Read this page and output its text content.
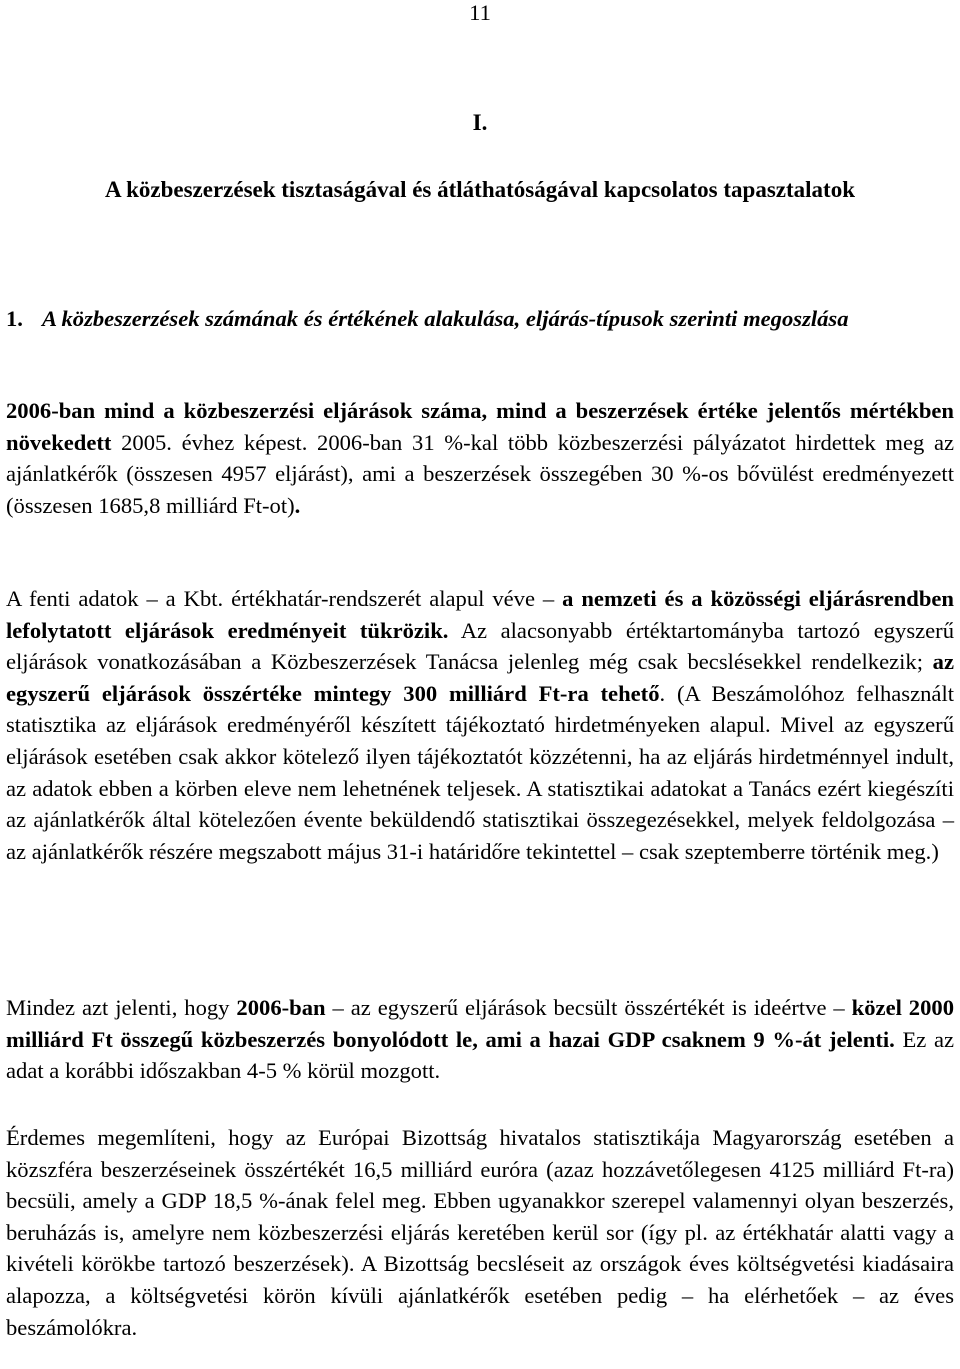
11
I.
A közbeszerzések tisztaságával és átláthatóságával kapcsolatos tapasztalatok
1. A közbeszerzések számának és értékének alakulása, eljárás-típusok szerinti megoszlása

2006-ban mind a közbeszerzési eljárások száma, mind a beszerzések értéke jelentős mértékben növekedett 2005. évhez képest. 2006-ban 31 %-kal több közbeszerzési pályázatot hirdettek meg az ajánlatkérők (összesen 4957 eljárást), ami a beszerzések összegében 30 %-os bővülést eredményezett (összesen 1685,8 milliárd Ft-ot).

A fenti adatok – a Kbt. értékhatár-rendszerét alapul véve – a nemzeti és a közösségi eljárásrendben lefolytatott eljárások eredményeit tükrözik. Az alacsonyabb értéktartományba tartozó egyszerű eljárások vonatkozásában a Közbeszerzések Tanácsa jelenleg még csak becslésekkel rendelkezik; az egyszerű eljárások összértéke mintegy 300 milliárd Ft-ra tehető. (A Beszámolóhoz felhasznált statisztika az eljárások eredményéről készített tájékoztató hirdetményeken alapul. Mivel az egyszerű eljárások esetében csak akkor kötelező ilyen tájékoztatót közzétenni, ha az eljárás hirdetménnyel indult, az adatok ebben a körben eleve nem lehetnének teljesek. A statisztikai adatokat a Tanács ezért kiegészíti az ajánlatkérők által kötelezően évente beküldendő statisztikai összegezésekkel, melyek feldolgozása – az ajánlatkérők részére megszabott május 31-i határidőre tekintettel – csak szeptemberre történik meg.)

Mindez azt jelenti, hogy 2006-ban – az egyszerű eljárások becsült összértékét is ideértve – közel 2000 milliárd Ft összegű közbeszerzés bonyolódott le, ami a hazai GDP csaknem 9 %-át jelenti. Ez az adat a korábbi időszakban 4-5 % körül mozgott.

Érdemes megemlíteni, hogy az Európai Bizottság hivatalos statisztikája Magyarország esetében a közszféra beszerzéseinek összértékét 16,5 milliárd euróra (azaz hozzávetőlegesen 4125 milliárd Ft-ra) becsüli, amely a GDP 18,5 %-ának felel meg. Ebben ugyanakkor szerepel valamennyi olyan beszerzés, beruházás is, amelyre nem közbeszerzési eljárás keretében kerül sor (így pl. az értékhatár alatti vagy a kivételi körökbe tartozó beszerzések). A Bizottság becsléseit az országok éves költségvetési kiadásaira alapozza, a költségvetési körön kívüli ajánlatkérők esetében pedig – ha elérhetőek – az éves beszámolókra.
